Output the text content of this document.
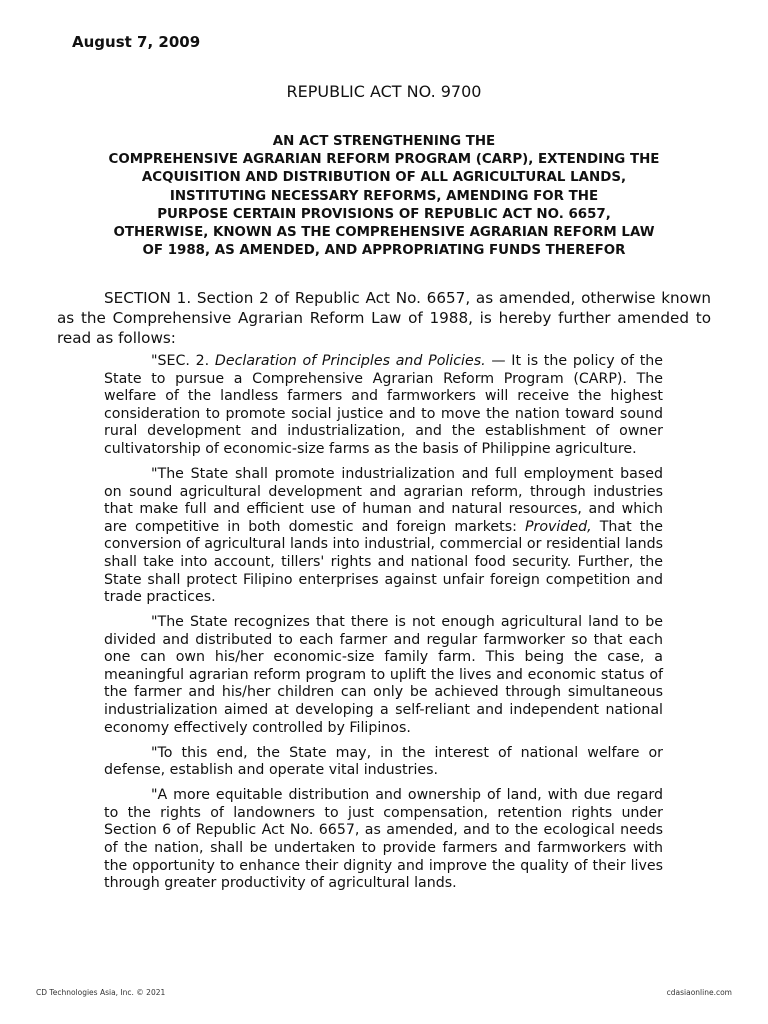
August 7, 2009
REPUBLIC ACT NO. 9700
AN ACT STRENGTHENING THE
COMPREHENSIVE AGRARIAN REFORM PROGRAM (CARP), EXTENDING THE
ACQUISITION AND DISTRIBUTION OF ALL AGRICULTURAL LANDS,
INSTITUTING NECESSARY REFORMS, AMENDING FOR THE
PURPOSE CERTAIN PROVISIONS OF REPUBLIC ACT NO. 6657,
OTHERWISE, KNOWN AS THE COMPREHENSIVE AGRARIAN REFORM LAW
OF 1988, AS AMENDED, AND APPROPRIATING FUNDS THEREFOR

SECTION 1. Section 2 of Republic Act No. 6657, as amended, otherwise known as the Comprehensive Agrarian Reform Law of 1988, is hereby further amended to read as follows:

"SEC. 2. Declaration of Principles and Policies. — It is the policy of the State to pursue a Comprehensive Agrarian Reform Program (CARP). The welfare of the landless farmers and farmworkers will receive the highest consideration to promote social justice and to move the nation toward sound rural development and industrialization, and the establishment of owner cultivatorship of economic-size farms as the basis of Philippine agriculture.

"The State shall promote industrialization and full employment based on sound agricultural development and agrarian reform, through industries that make full and efficient use of human and natural resources, and which are competitive in both domestic and foreign markets: Provided, That the conversion of agricultural lands into industrial, commercial or residential lands shall take into account, tillers' rights and national food security. Further, the State shall protect Filipino enterprises against unfair foreign competition and trade practices.

"The State recognizes that there is not enough agricultural land to be divided and distributed to each farmer and regular farmworker so that each one can own his/her economic-size family farm. This being the case, a meaningful agrarian reform program to uplift the lives and economic status of the farmer and his/her children can only be achieved through simultaneous industrialization aimed at developing a self-reliant and independent national economy effectively controlled by Filipinos.

"To this end, the State may, in the interest of national welfare or defense, establish and operate vital industries.

"A more equitable distribution and ownership of land, with due regard to the rights of landowners to just compensation, retention rights under Section 6 of Republic Act No. 6657, as amended, and to the ecological needs of the nation, shall be undertaken to provide farmers and farmworkers with the opportunity to enhance their dignity and improve the quality of their lives through greater productivity of agricultural lands.

CD Technologies Asia, Inc. © 2021	cdasiaonline.com
